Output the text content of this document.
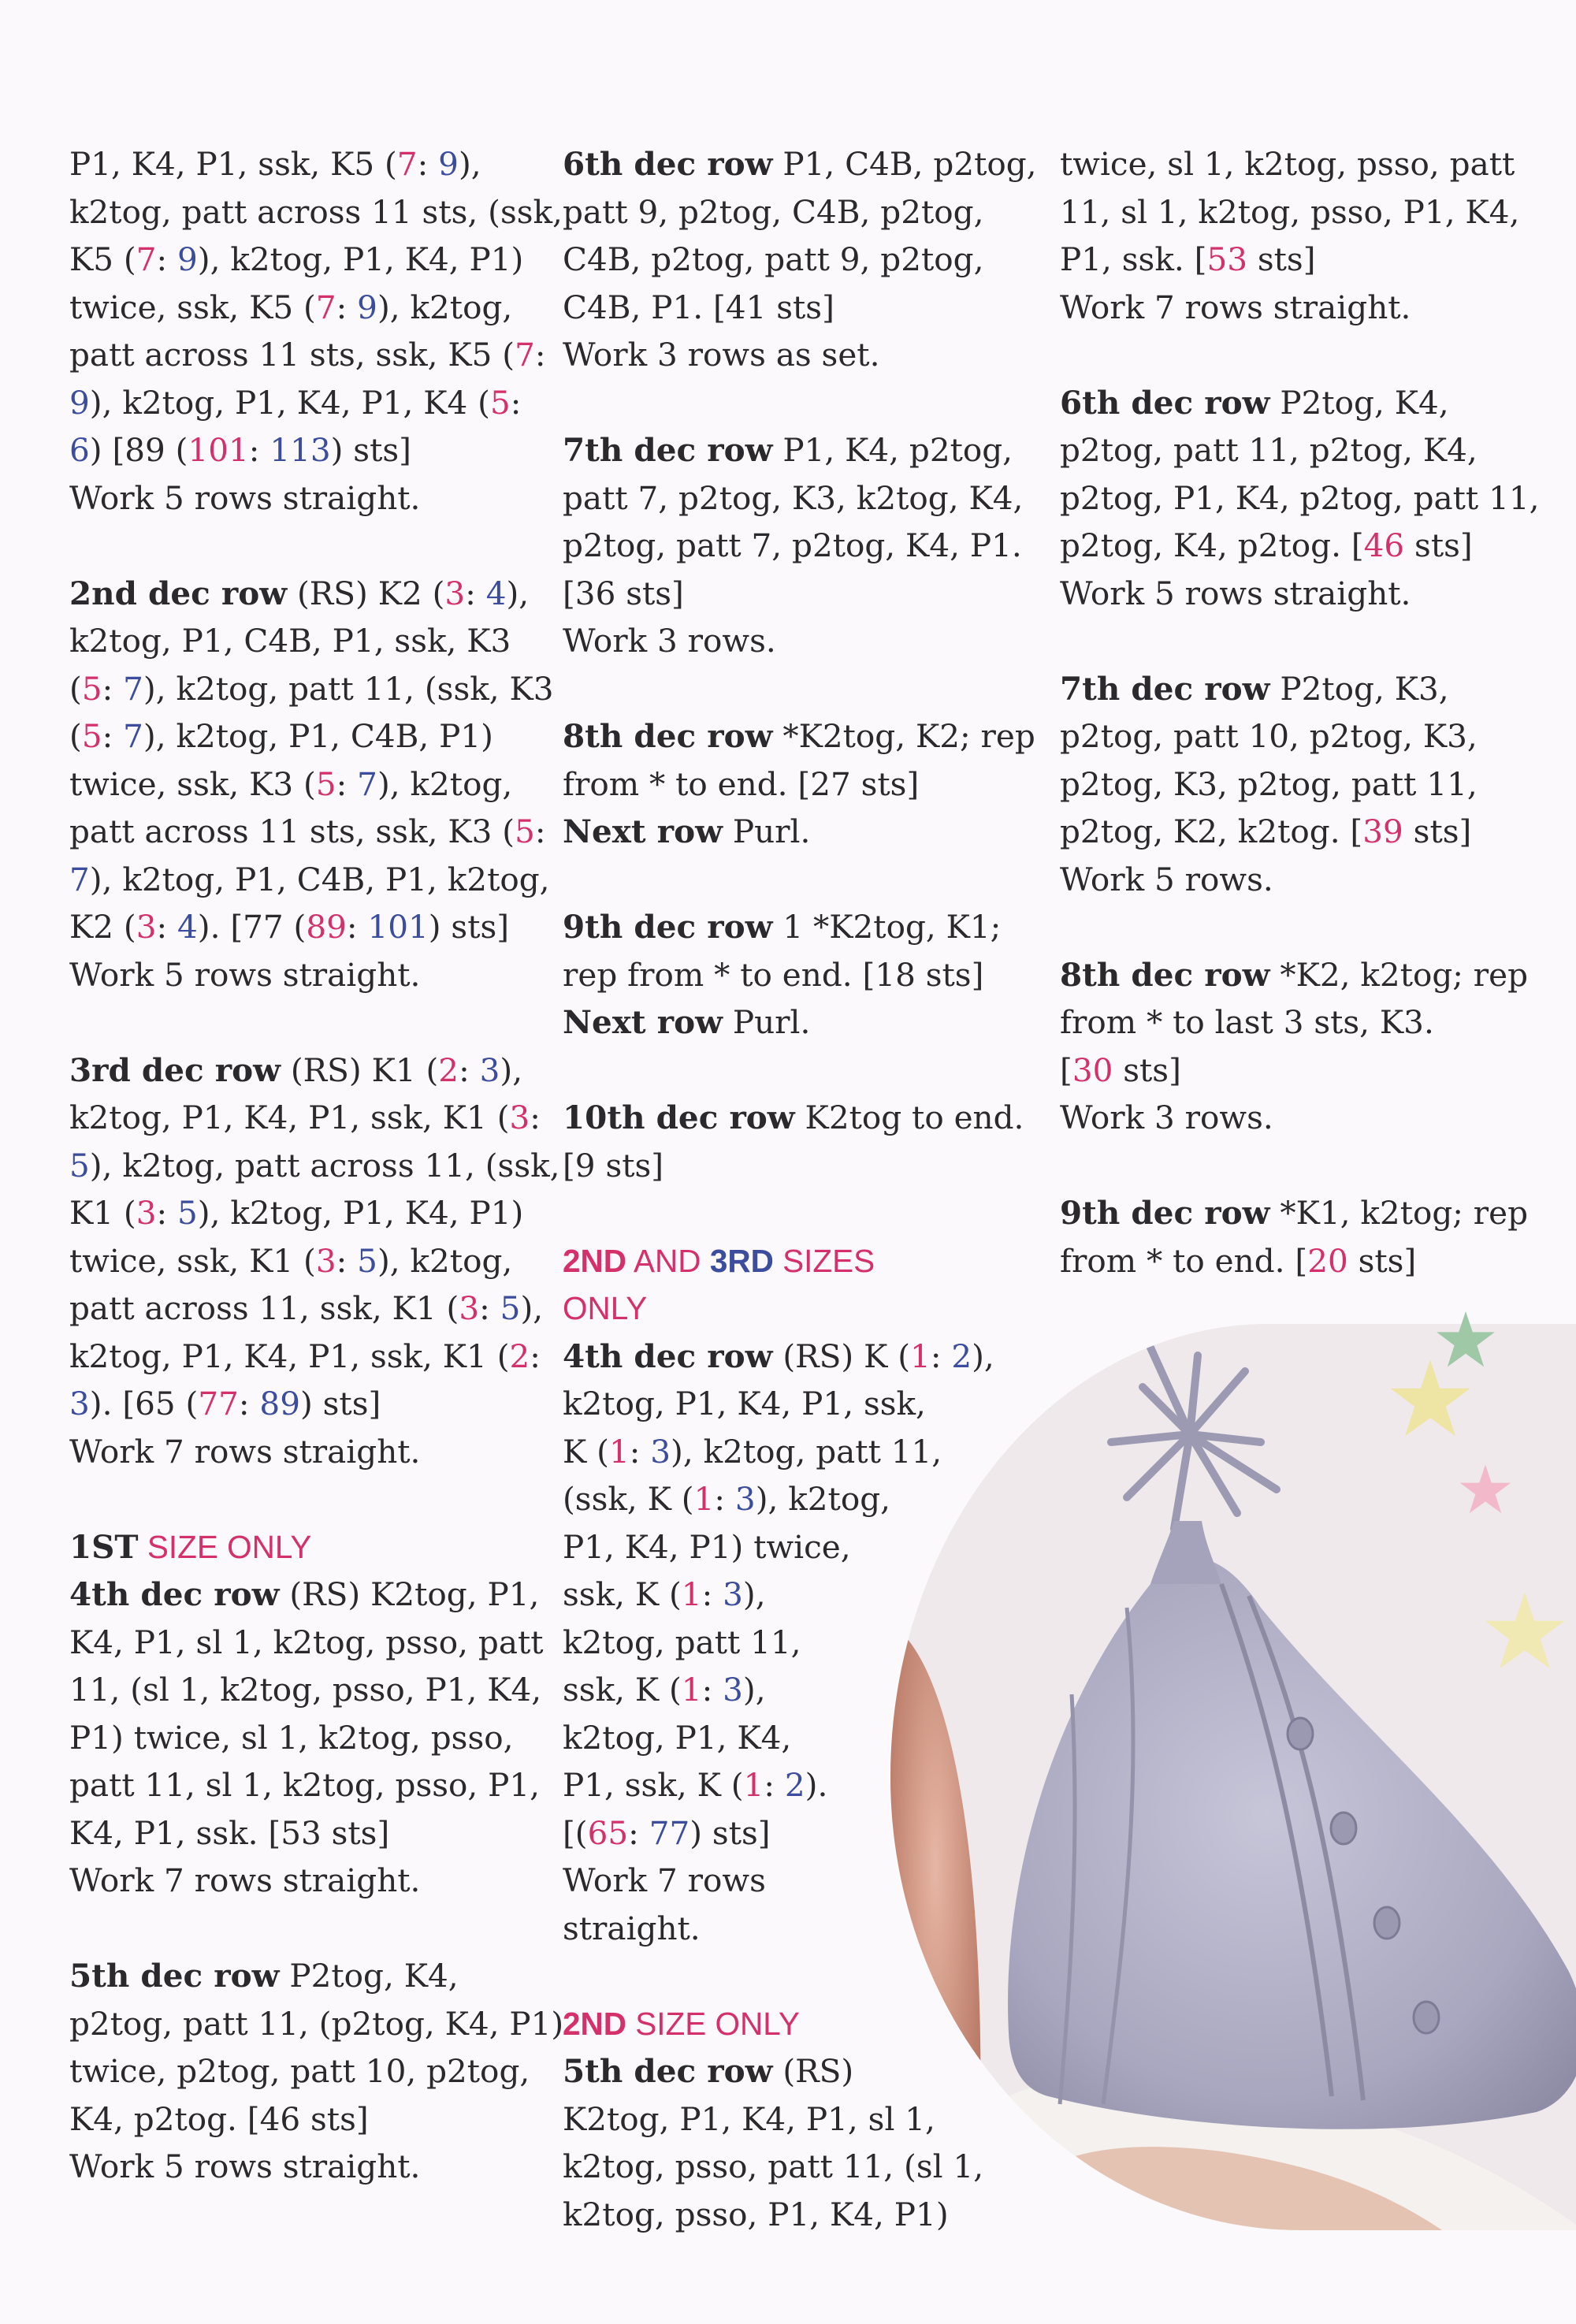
P1, K4, P1, ssk, K5 (7: 9),
k2tog, patt across 11 sts, (ssk,
K5 (7: 9), k2tog, P1, K4, P1)
twice, ssk, K5 (7: 9), k2tog,
patt across 11 sts, ssk, K5 (7:
9), k2tog, P1, K4, P1, K4 (5:
6) [89 (101: 113) sts]
Work 5 rows straight.
2nd dec row (RS) K2 (3: 4),
k2tog, P1, C4B, P1, ssk, K3
(5: 7), k2tog, patt 11, (ssk, K3
(5: 7), k2tog, P1, C4B, P1)
twice, ssk, K3 (5: 7), k2tog,
patt across 11 sts, ssk, K3 (5:
7), k2tog, P1, C4B, P1, k2tog,
K2 (3: 4). [77 (89: 101) sts]
Work 5 rows straight.
3rd dec row (RS) K1 (2: 3),
k2tog, P1, K4, P1, ssk, K1 (3:
5), k2tog, patt across 11, (ssk,
K1 (3: 5), k2tog, P1, K4, P1)
twice, ssk, K1 (3: 5), k2tog,
patt across 11, ssk, K1 (3: 5),
k2tog, P1, K4, P1, ssk, K1 (2:
3). [65 (77: 89) sts]
Work 7 rows straight.
1ST SIZE ONLY
4th dec row (RS) K2tog, P1,
K4, P1, sl 1, k2tog, psso, patt
11, (sl 1, k2tog, psso, P1, K4,
P1) twice, sl 1, k2tog, psso,
patt 11, sl 1, k2tog, psso, P1,
K4, P1, ssk. [53 sts]
Work 7 rows straight.
5th dec row P2tog, K4,
p2tog, patt 11, (p2tog, K4, P1)
twice, p2tog, patt 10, p2tog,
K4, p2tog. [46 sts]
Work 5 rows straight.
6th dec row P1, C4B, p2tog,
patt 9, p2tog, C4B, p2tog,
C4B, p2tog, patt 9, p2tog,
C4B, P1. [41 sts]
Work 3 rows as set.
7th dec row P1, K4, p2tog,
patt 7, p2tog, K3, k2tog, K4,
p2tog, patt 7, p2tog, K4, P1.
[36 sts]
Work 3 rows.
8th dec row *K2tog, K2; rep
from * to end. [27 sts]
Next row Purl.
9th dec row 1 *K2tog, K1;
rep from * to end. [18 sts]
Next row Purl.
10th dec row K2tog to end.
[9 sts]
2ND AND 3RD SIZES
ONLY
4th dec row (RS) K (1: 2),
k2tog, P1, K4, P1, ssk,
K (1: 3), k2tog, patt 11,
(ssk, K (1: 3), k2tog,
P1, K4, P1) twice,
ssk, K (1: 3),
k2tog, patt 11,
ssk, K (1: 3),
k2tog, P1, K4,
P1, ssk, K (1: 2).
[(65: 77) sts]
Work 7 rows
straight.
2ND SIZE ONLY
5th dec row (RS)
K2tog, P1, K4, P1, sl 1,
k2tog, psso, patt 11, (sl 1,
k2tog, psso, P1, K4, P1)
twice, sl 1, k2tog, psso, patt
11, sl 1, k2tog, psso, P1, K4,
P1, ssk. [53 sts]
Work 7 rows straight.
6th dec row P2tog, K4,
p2tog, patt 11, p2tog, K4,
p2tog, P1, K4, p2tog, patt 11,
p2tog, K4, p2tog. [46 sts]
Work 5 rows straight.
7th dec row P2tog, K3,
p2tog, patt 10, p2tog, K3,
p2tog, K3, p2tog, patt 11,
p2tog, K2, k2tog. [39 sts]
Work 5 rows.
8th dec row *K2, k2tog; rep
from * to last 3 sts, K3.
[30 sts]
Work 3 rows.
9th dec row *K1, k2tog; rep
from * to end. [20 sts]
